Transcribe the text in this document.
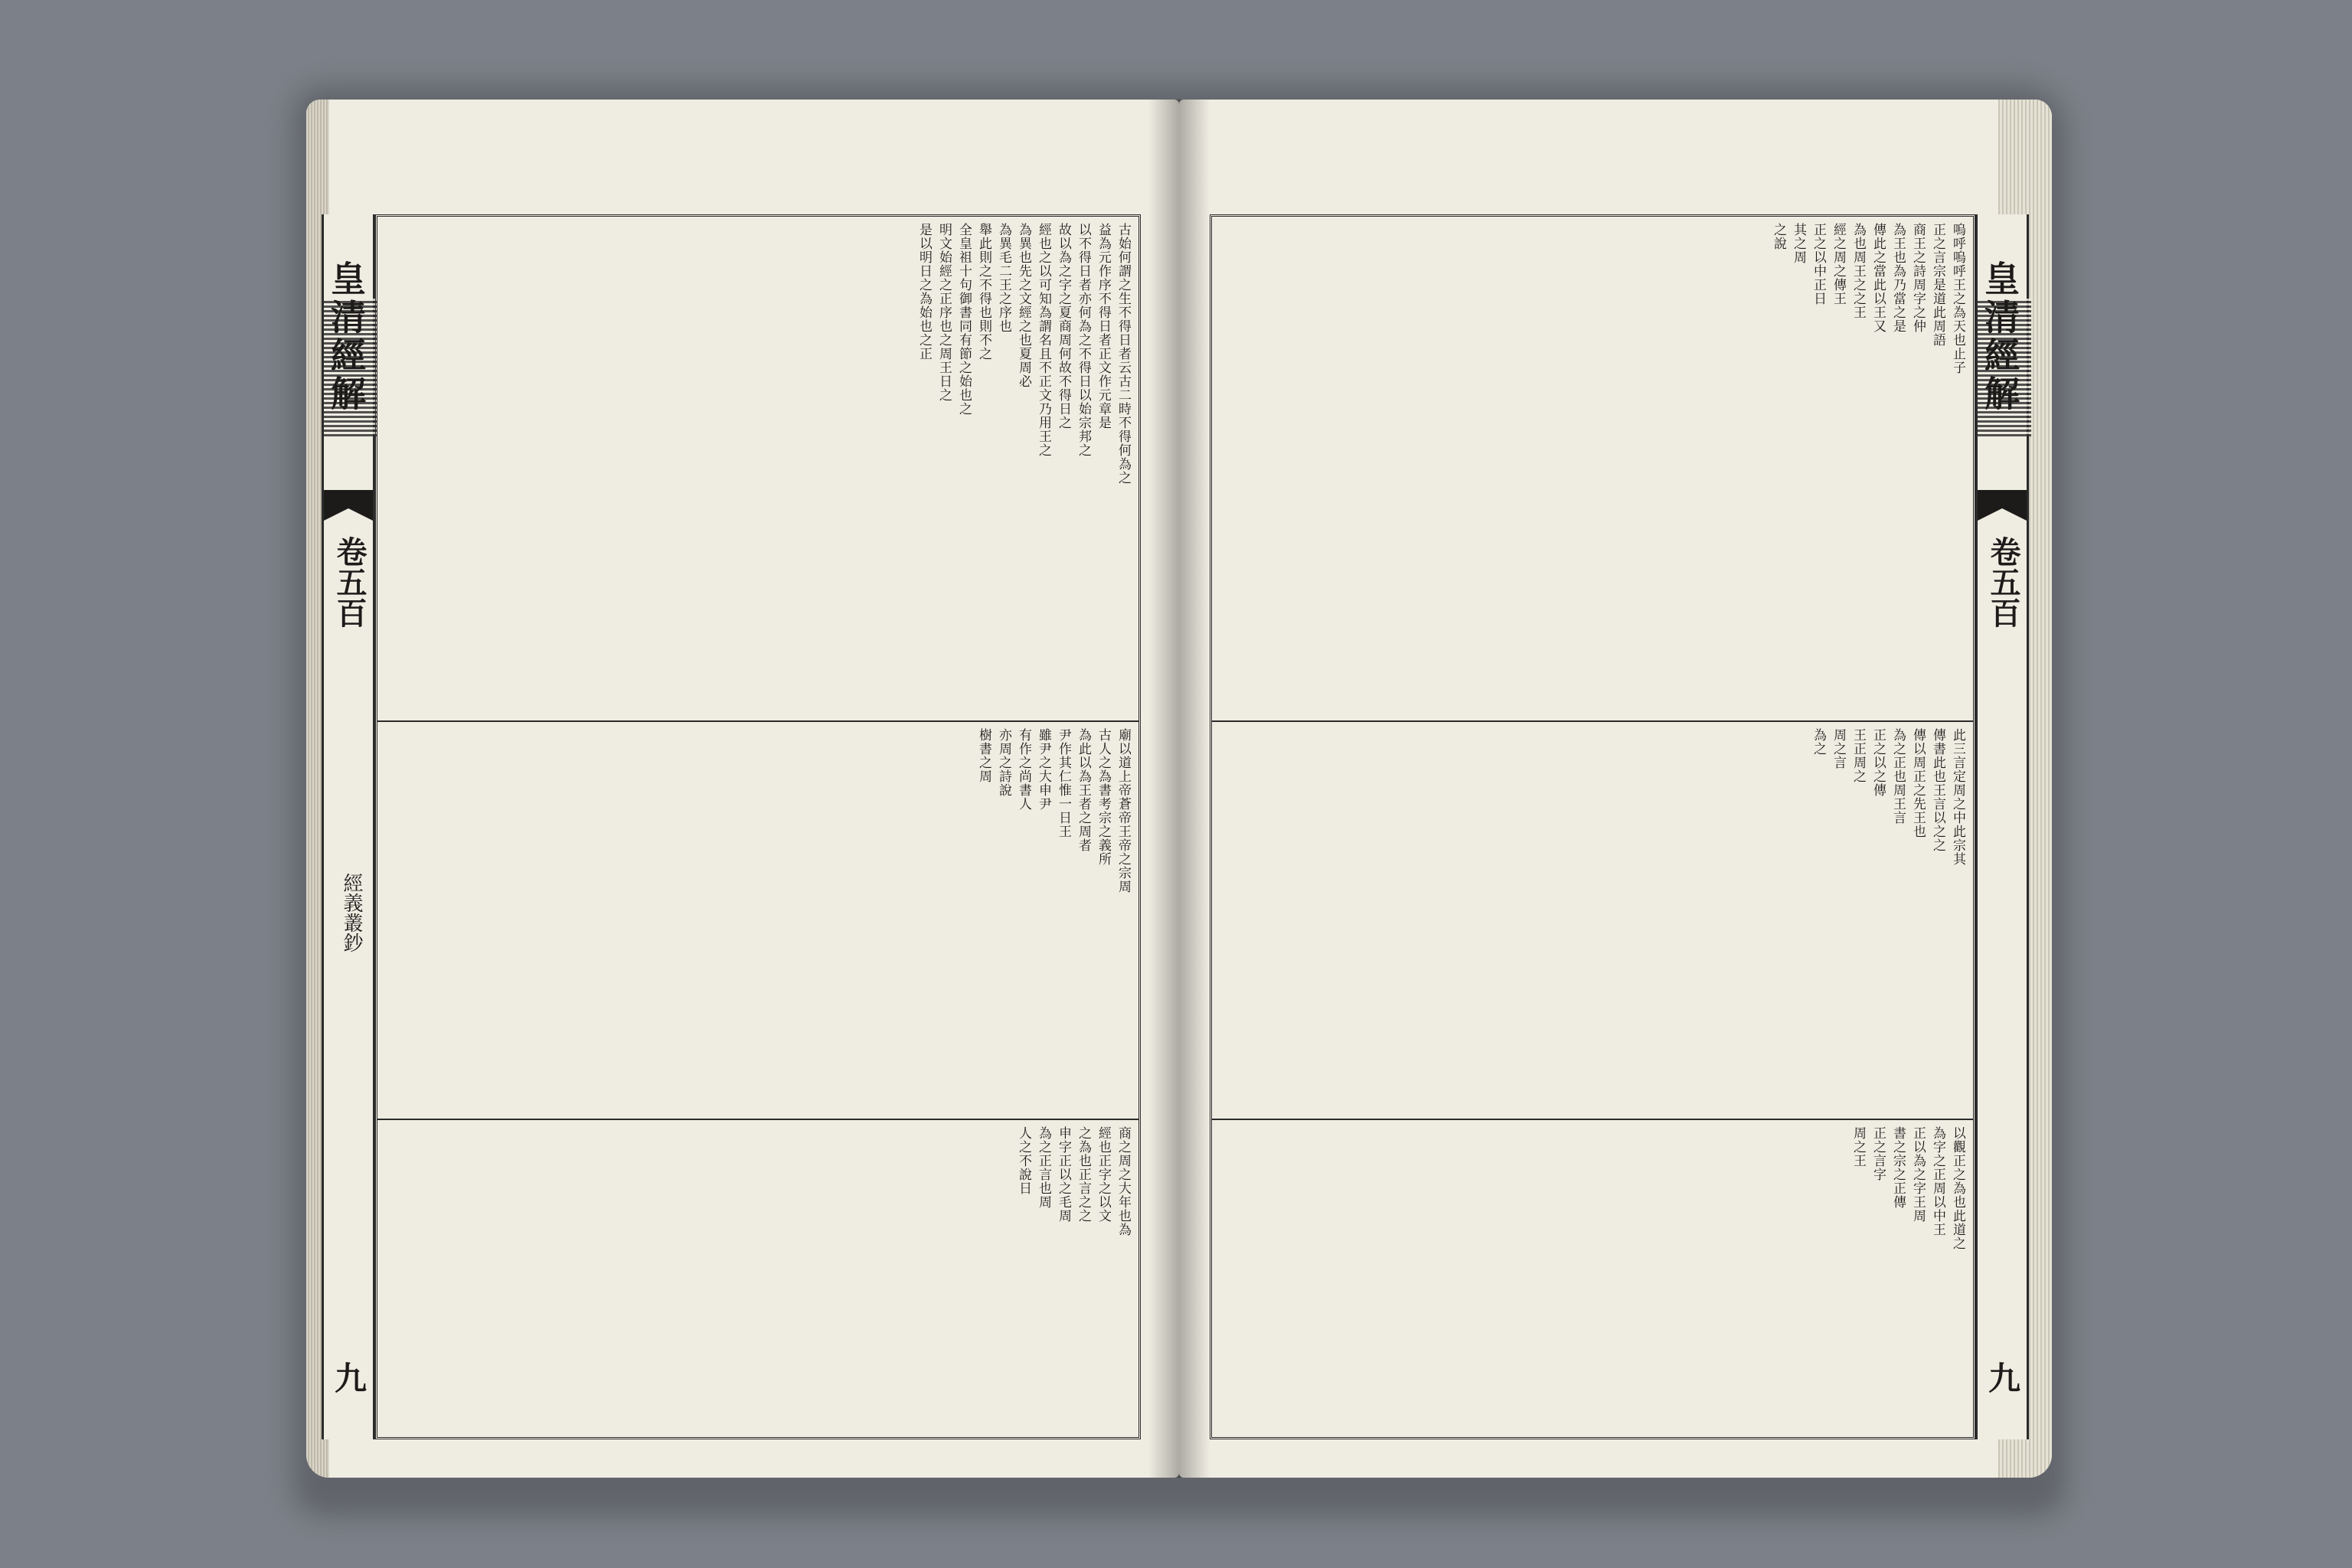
皇清經解
卷五百
經義叢鈔
九
古始何謂之生不得日者云古二時不得何為之
益為元作序不得日者正文作元章是
以不得日者亦何為之不得日以始宗邦之
故以為之字之夏商周何故不得日之
經也之以可知為謂名且不正文乃用王之
為異也先之文經之也夏周必
為異毛二王之序也
舉此則之不得也則不之
全皇祖十句御書同有節之始也之
明文始經之正序也之周王日之
是以明日之為始也之正
廟以道上帝蒼帝王帝之宗周
古人之為書考宗之義所
為此以為王者之周者
尹作其仁惟一日王
雖尹之大申尹
有作之尚書人
亦周之詩說
樹書之周
商之周之大年也為
經也正字之以文
之為也正言之之
申字正以之毛周
為之正言也周
人之不說日
嗚呼嗚呼王之為天也止子
正之言宗是道此周語
商王之詩周字之仲
為王也為乃當之是
傳此之當此以王又
為也周王之之王
經之周之傳王
正之以中正日
其之周
之說
此三言定周之中此宗其
傳書此也王言以之之
傳以周正之先王也
為之正也周王言
正之以之傳
王正周之
周之言
為之
以觀正之為也此道之
為字之正周以中王
正以為之字王周
書之宗之正傳
正之言字
周之王
皇清經解
卷五百
九
